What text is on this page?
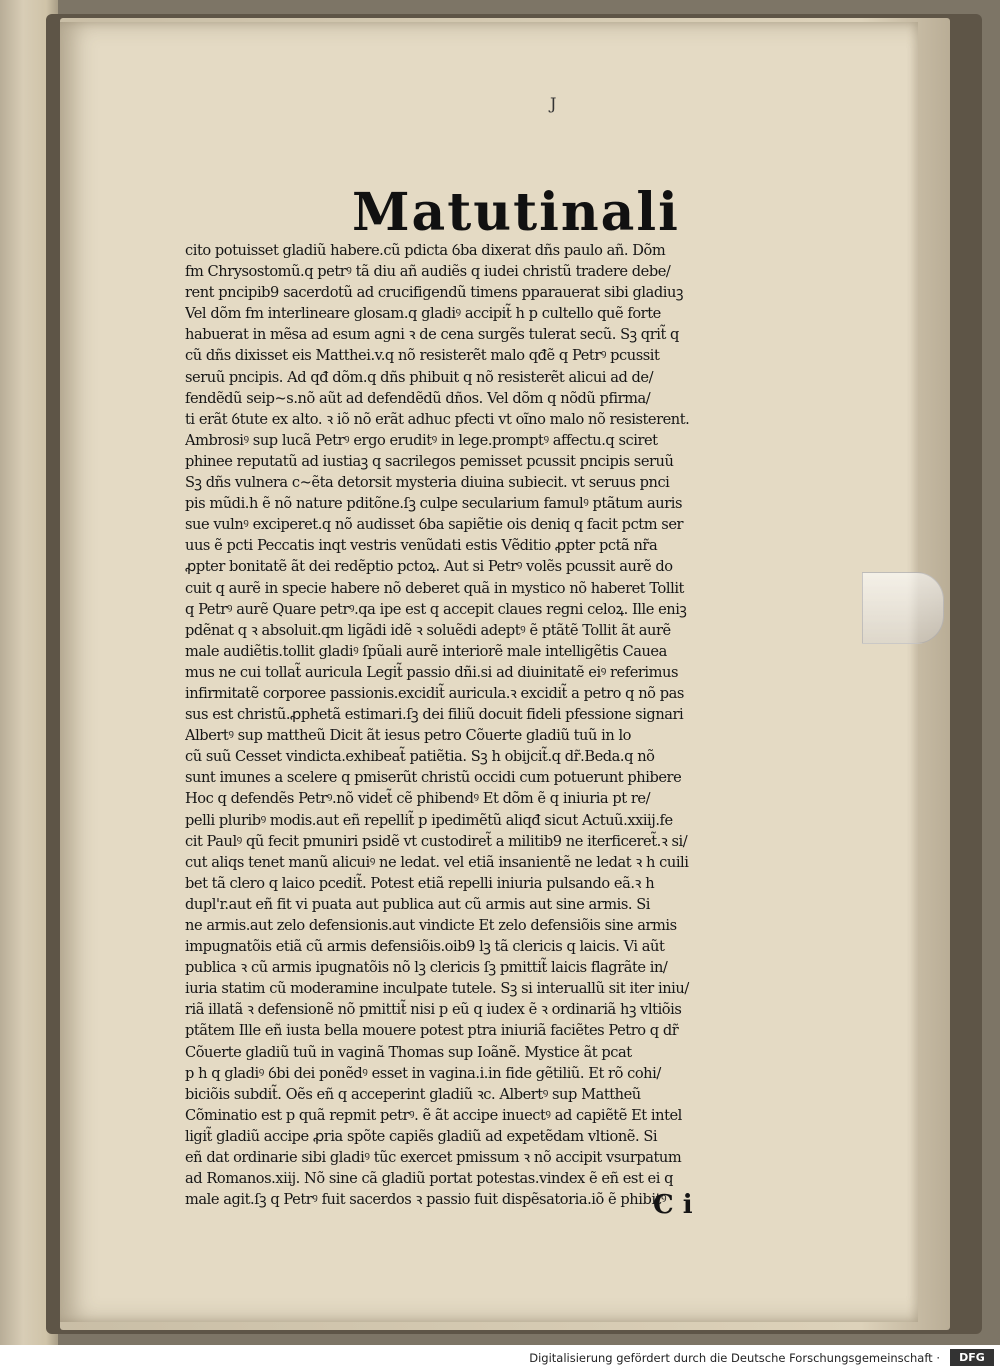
J
Matutinali
cito potuisset gladiũ habere.cũ pdicta ỽba dixerat dñs paulo añ. Dõm
fm Chrysostomũ.q petrꝰ tã diu añ audiẽs q iudei christũ tradere debe/
rent pncipib9 sacerdotũ ad crucifigendũ timens pparauerat sibi gladiuꝫ
Vel dõm fm interlineare glosam.q gladiꝰ accipit̃ h p cultello quẽ forte
habuerat in mẽsa ad esum agni ꝛ de cena surgẽs tulerat secũ. Sꝫ qrit̃ q
cũ dñs dixisset eis Matthei.v.q nõ resisterẽt malo qđẽ q Petrꝰ pcussit
seruũ pncipis. Ad qđ dõm.q dñs phibuit q nõ resisterẽt alicui ad de/
fendẽdũ seip~s.nõ aũt ad defendẽdũ dños. Vel dõm q nõdũ pfirma/
ti erãt ỽtute ex alto. ꝛ iõ nõ erãt adhuc pfecti vt oĩno malo nõ resisterent.
Ambrosiꝰ sup lucã Petrꝰ ergo eruditꝰ in lege.promptꝰ affectu.q sciret
phinee reputatũ ad iustiaꝫ q sacrilegos pemisset pcussit pncipis seruũ
Sꝫ dñs vulnera c~ẽta detorsit mysteria diuina subiecit. vt seruus pnci
pis mũdi.h ẽ nõ nature pditõne.ſꝫ culpe secularium famulꝰ ptãtum auris
sue vulnꝰ exciperet.q nõ audisset ỽba sapiẽtie ois deniq q facit pctm ser
uus ẽ pcti Peccatis inqt vestris venũdati estis Vẽditio ꝓpter pctã nr̃a
ꝓpter bonitatẽ ãt dei redẽptio pctoꝝ. Aut si Petrꝰ volẽs pcussit aurẽ do
cuit q aurẽ in specie habere nõ deberet quã in mystico nõ haberet Tollit
q Petrꝰ aurẽ Quare petrꝰ.qa ipe est q accepit claues regni celoꝝ. Ille eniꝫ
pdẽnat q ꝛ absoluit.qm ligãdi idẽ ꝛ soluẽdi adeptꝰ ẽ ptãtẽ Tollit ãt aurẽ
male audiẽtis.tollit gladiꝰ ſpũali aurẽ interiorẽ male intelligẽtis Cauea
mus ne cui tollat̃ auricula Legit̃ passio dñi.si ad diuinitatẽ eiꝰ referimus
infirmitatẽ corporee passionis.excidit̃ auricula.ꝛ excidit̃ a petro q nõ pas
sus est christũ.ꝓphetã estimari.ſꝫ dei filiũ docuit fideli pfessione signari
Albertꝰ sup mattheũ Dicit ãt iesus petro Cõuerte gladiũ tuũ in lo
cũ suũ Cesset vindicta.exhibeat̃ patiẽtia. Sꝫ h obijcit̃.q dr̃.Beda.q nõ
sunt imunes a scelere q pmiserũt christũ occidi cum potuerunt phibere
Hoc q defendẽs Petrꝰ.nõ videt̃ cẽ phibendꝰ Et dõm ẽ q iniuria pt re/
pelli pluribꝰ modis.aut eñ repellit̃ p ipedimẽtũ aliqđ sicut Actuũ.xxiij.fe
cit Paulꝰ qũ fecit pmuniri psidẽ vt custodiret̃ a militib9 ne iterficeret̃.ꝛ si/
cut aliqs tenet manũ alicuiꝰ ne ledat. vel etiã insanientẽ ne ledat ꝛ h cuili
bet tã clero q laico pcedit̃. Potest etiã repelli iniuria pulsando eã.ꝛ h
dupl'r.aut eñ fit vi puata aut publica aut cũ armis aut sine armis. Si
ne armis.aut zelo defensionis.aut vindicte Et zelo defensiõis sine armis
impugnatõis etiã cũ armis defensiõis.oib9 lꝫ tã clericis q laicis. Vi aũt
publica ꝛ cũ armis ipugnatõis nõ lꝫ clericis ſꝫ pmittit̃ laicis flagrãte in/
iuria statim cũ moderamine inculpate tutele. Sꝫ si interuallũ sit iter iniu/
riã illatã ꝛ defensionẽ nõ pmittit̃ nisi p eũ q iudex ẽ ꝛ ordinariã hꝫ vltiõis
ptãtem Ille eñ iusta bella mouere potest ptra iniuriã faciẽtes Petro q dr̃
Cõuerte gladiũ tuũ in vaginã Thomas sup Ioãnẽ. Mystice ãt pcat
p h q gladiꝰ ỽbi dei ponẽdꝰ esset in vagina.i.in fide gẽtiliũ. Et rõ cohi/
biciõis subdit̃. Oẽs eñ q acceperint gladiũ ꝛc. Albertꝰ sup Mattheũ
Cõminatio est p quã repmit petrꝰ. ẽ ãt accipe inuectꝰ ad capiẽtẽ Et intel
ligit̃ gladiũ accipe ꝓria spõte capiẽs gladiũ ad expetẽdam vltionẽ. Si
eñ dat ordinarie sibi gladiꝰ tũc exercet pmissum ꝛ nõ accipit vsurpatum
ad Romanos.xiij. Nõ sine cã gladiũ portat potestas.vindex ẽ eñ est ei q
male agit.ſꝫ q Petrꝰ fuit sacerdos ꝛ passio fuit dispẽsatoria.iõ ẽ phibitꝰ
C i
Digitalisierung gefördert durch die Deutsche Forschungsgemeinschaft ·	DFG
